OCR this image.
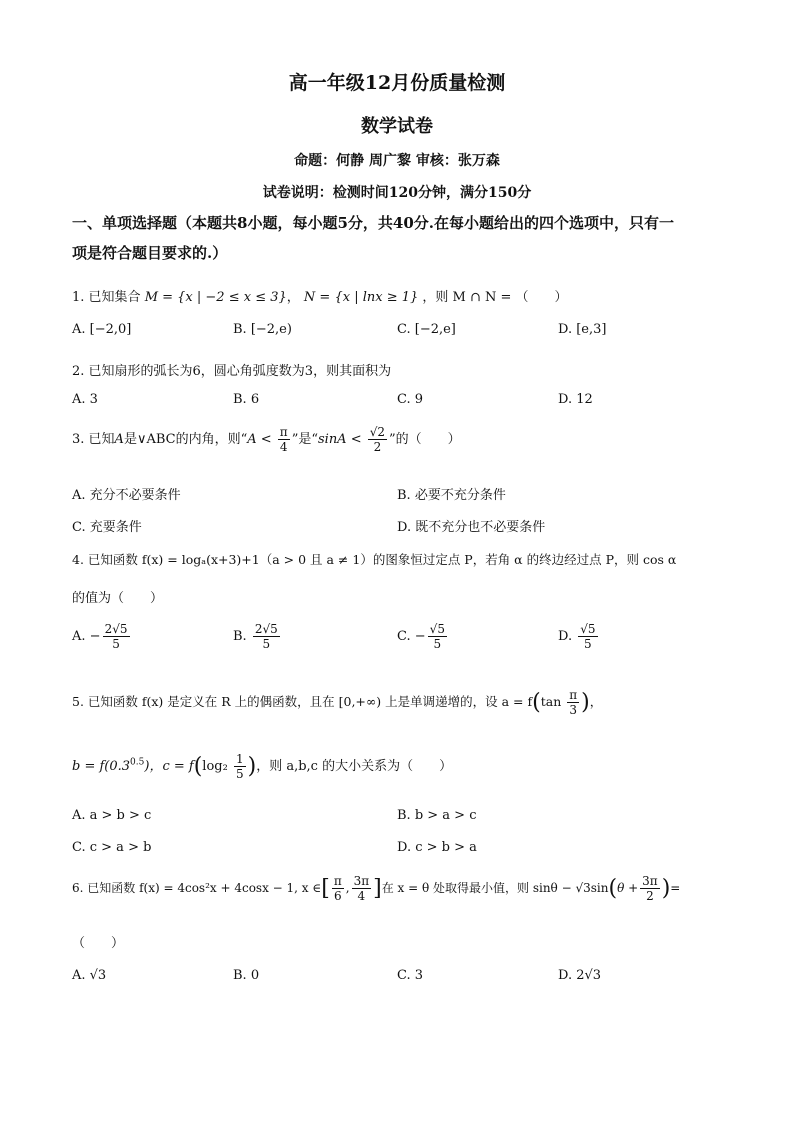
高一年级12月份质量检测
数学试卷
命题：何静 周广黎 审核：张万森
试卷说明：检测时间120分钟，满分150分
一、单项选择题（本题共8小题，每小题5分，共40分.在每小题给出的四个选项中，只有一
项是符合题目要求的.）
1. 已知集合 M = {x | −2 ≤ x ≤ 3}， N = {x | lnx ≥ 1} ，则 M ∩ N = （　　）
A. [−2,0]	B. [−2,e)	C. [−2,e]	D. [e,3]
2. 已知扇形的弧长为6，圆心角弧度数为3，则其面积为
A. 3	B. 6	C. 9	D. 12
3. 已知A是∨ABC的内角，则“$A < \frac{\pi}{4}$ ”是“$\sin A < \frac{√2}{2}$ ”的（　　）
A. 充分不必要条件	B. 必要不充分条件
C. 充要条件	D. 既不充分也不必要条件
4. 已知函数 f(x) = logₐ(x+3)+1（a > 0 且 a ≠ 1）的图象恒过定点 P，若角 α 的终边经过点 P，则 cos α
的值为（　　）
A. − $\frac{2√5}{5}$	B. $\frac{2√5}{5}$	C. − $\frac{√5}{5}$	D. $\frac{√5}{5}$
5. 已知函数 f(x) 是定义在 R 上的偶函数，且在 [0,+∞) 上是单调递增的，设 $a = f(\tan \frac{\pi}{3}$ )，
$b = f(0.3^{0.5})$，$c = f(\log_2 \frac{1}{5}$ )，则 a,b,c 的大小关系为（　　）
A. a > b > c	B. b > a > c
C. c > a > b	D. c > b > a
6. 已知函数 f(x) = 4cos²x + 4cosx − 1, x ∈[ $\frac{\pi}{6}$ , $\frac{3\pi}{4}$ ]在 x = θ 处取得最小值，则 $\sin\theta - √3\sin(\theta + \frac{3\pi}{2}$ )=
（　　）
A. √3	B. 0	C. 3	D. 2√3
